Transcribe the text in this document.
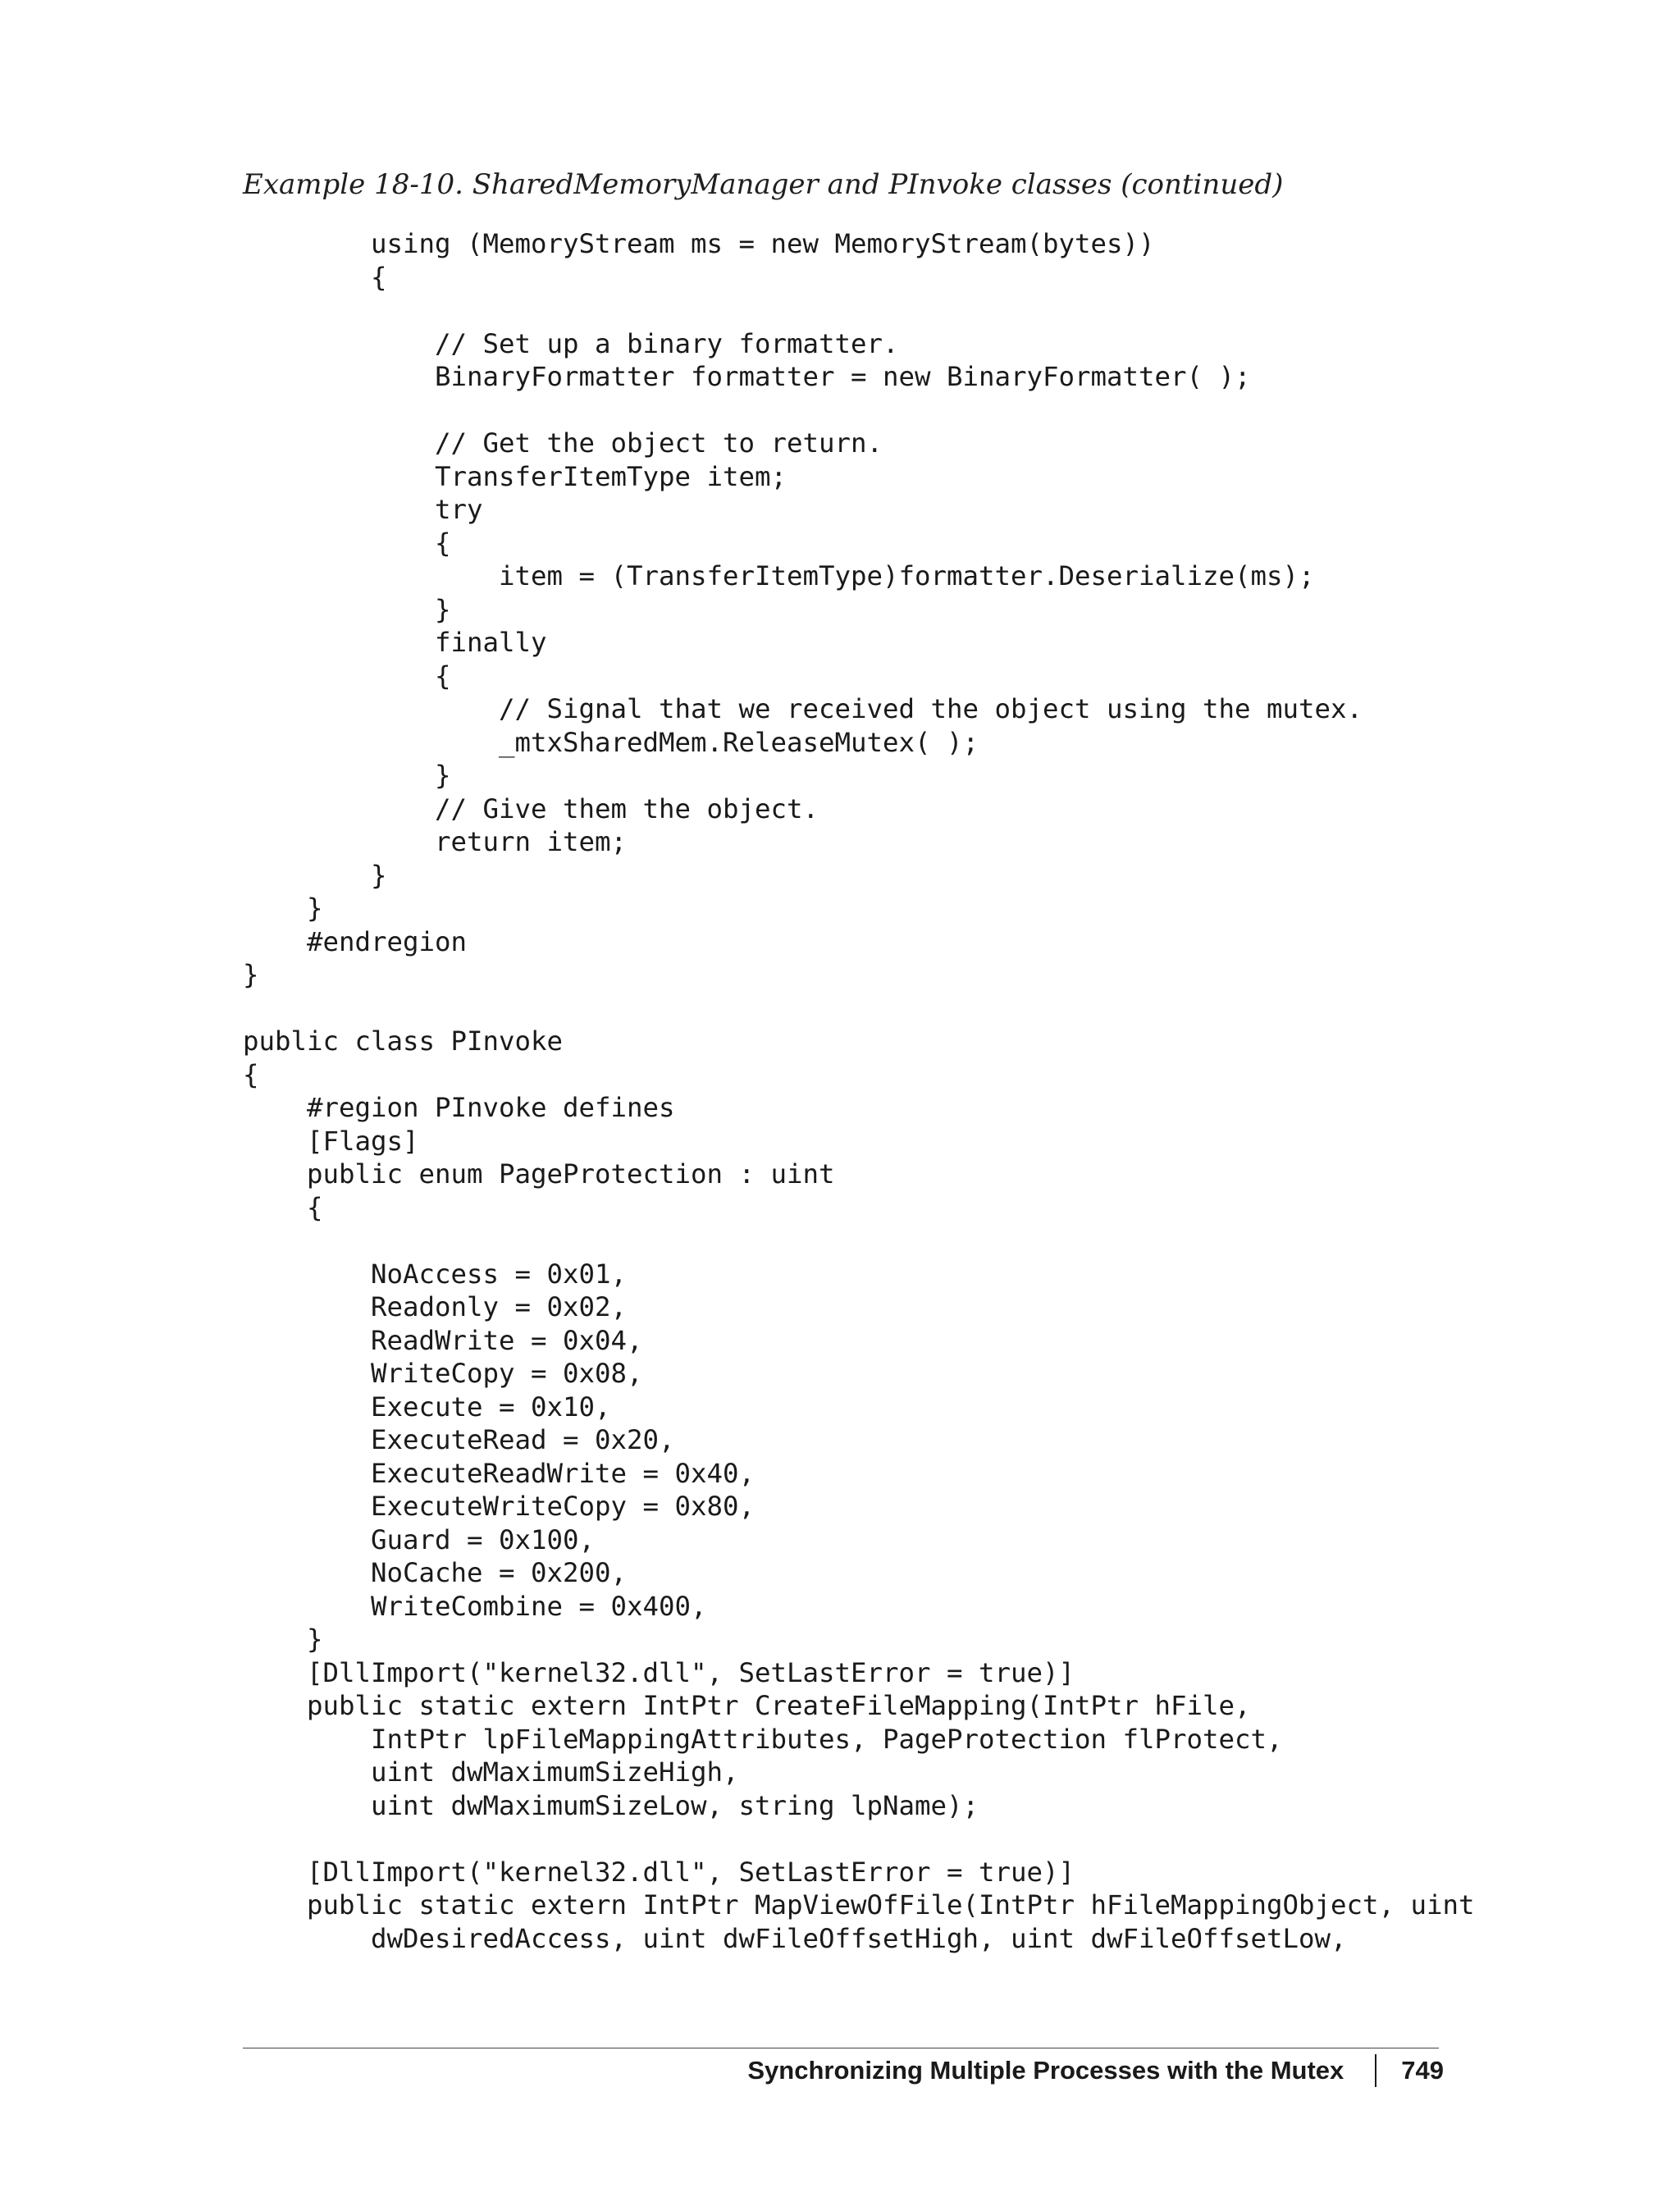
Example 18-10. SharedMemoryManager and PInvoke classes (continued)

using (MemoryStream ms = new MemoryStream(bytes))
{
// Set up a binary formatter.
BinaryFormatter formatter = new BinaryFormatter( );
// Get the object to return.
TransferItemType item;
try
{
item = (TransferItemType)formatter.Deserialize(ms);
}
finally
{
// Signal that we received the object using the mutex.
_mtxSharedMem.ReleaseMutex( );
}
// Give them the object.
return item;
}
}
#endregion
}
public class PInvoke
{
#region PInvoke defines
[Flags]
public enum PageProtection : uint
{
NoAccess = 0x01,
Readonly = 0x02,
ReadWrite = 0x04,
WriteCopy = 0x08,
Execute = 0x10,
ExecuteRead = 0x20,
ExecuteReadWrite = 0x40,
ExecuteWriteCopy = 0x80,
Guard = 0x100,
NoCache = 0x200,
WriteCombine = 0x400,
}
[DllImport("kernel32.dll", SetLastError = true)]
public static extern IntPtr CreateFileMapping(IntPtr hFile,
IntPtr lpFileMappingAttributes, PageProtection flProtect,
uint dwMaximumSizeHigh,
uint dwMaximumSizeLow, string lpName);
[DllImport("kernel32.dll", SetLastError = true)]
public static extern IntPtr MapViewOfFile(IntPtr hFileMappingObject, uint
dwDesiredAccess, uint dwFileOffsetHigh, uint dwFileOffsetLow,
Synchronizing Multiple Processes with the Mutex 749
